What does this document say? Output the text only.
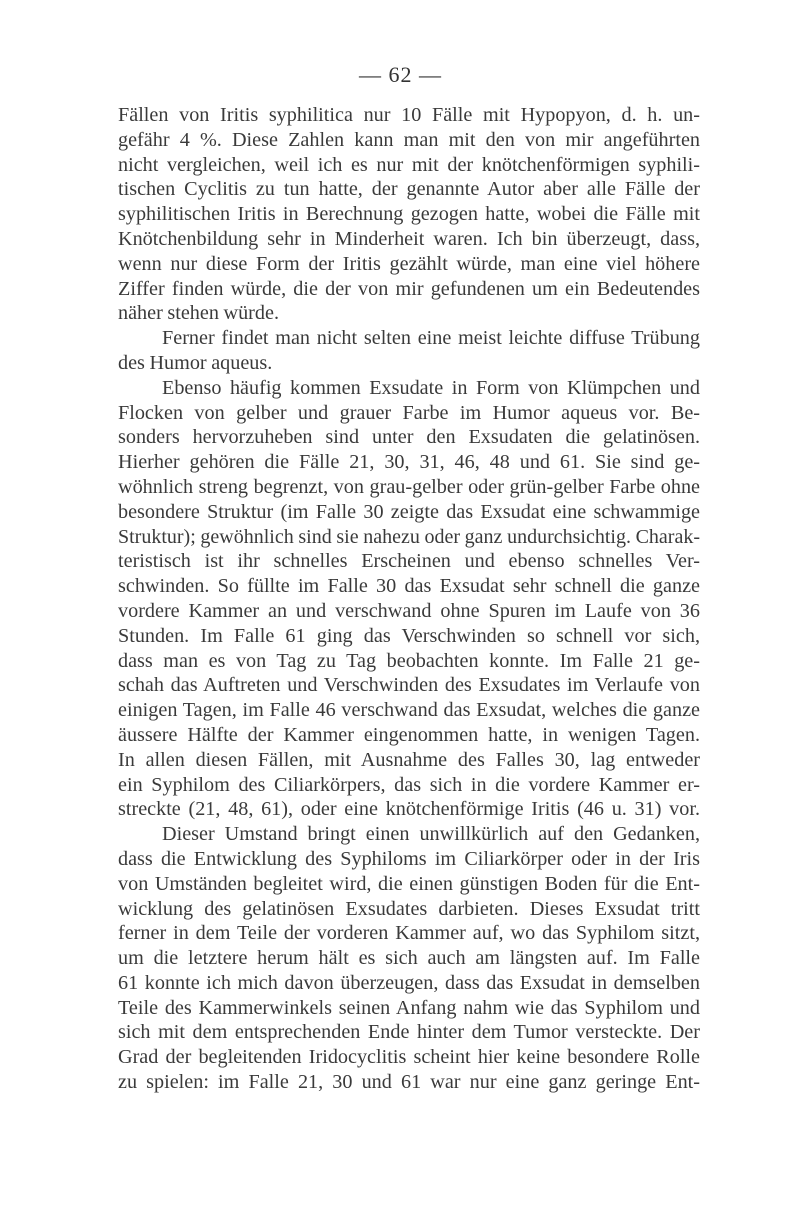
— 62 —
Fällen von Iritis syphilitica nur 10 Fälle mit Hypopyon, d. h. un-
gefähr 4 %. Diese Zahlen kann man mit den von mir angeführten
nicht vergleichen, weil ich es nur mit der knötchenförmigen syphili-
tischen Cyclitis zu tun hatte, der genannte Autor aber alle Fälle der
syphilitischen Iritis in Berechnung gezogen hatte, wobei die Fälle mit
Knötchenbildung sehr in Minderheit waren. Ich bin überzeugt, dass,
wenn nur diese Form der Iritis gezählt würde, man eine viel höhere
Ziffer finden würde, die der von mir gefundenen um ein Bedeutendes
näher stehen würde.
Ferner findet man nicht selten eine meist leichte diffuse Trübung
des Humor aqueus.
Ebenso häufig kommen Exsudate in Form von Klümpchen und
Flocken von gelber und grauer Farbe im Humor aqueus vor. Be-
sonders hervorzuheben sind unter den Exsudaten die gelatinösen.
Hierher gehören die Fälle 21, 30, 31, 46, 48 und 61. Sie sind ge-
wöhnlich streng begrenzt, von grau-gelber oder grün-gelber Farbe ohne
besondere Struktur (im Falle 30 zeigte das Exsudat eine schwammige
Struktur); gewöhnlich sind sie nahezu oder ganz undurchsichtig. Charak-
teristisch ist ihr schnelles Erscheinen und ebenso schnelles Ver-
schwinden. So füllte im Falle 30 das Exsudat sehr schnell die ganze
vordere Kammer an und verschwand ohne Spuren im Laufe von 36
Stunden. Im Falle 61 ging das Verschwinden so schnell vor sich,
dass man es von Tag zu Tag beobachten konnte. Im Falle 21 ge-
schah das Auftreten und Verschwinden des Exsudates im Verlaufe von
einigen Tagen, im Falle 46 verschwand das Exsudat, welches die ganze
äussere Hälfte der Kammer eingenommen hatte, in wenigen Tagen.
In allen diesen Fällen, mit Ausnahme des Falles 30, lag entweder
ein Syphilom des Ciliarkörpers, das sich in die vordere Kammer er-
streckte (21, 48, 61), oder eine knötchenförmige Iritis (46 u. 31) vor.
Dieser Umstand bringt einen unwillkürlich auf den Gedanken,
dass die Entwicklung des Syphiloms im Ciliarkörper oder in der Iris
von Umständen begleitet wird, die einen günstigen Boden für die Ent-
wicklung des gelatinösen Exsudates darbieten. Dieses Exsudat tritt
ferner in dem Teile der vorderen Kammer auf, wo das Syphilom sitzt,
um die letztere herum hält es sich auch am längsten auf. Im Falle
61 konnte ich mich davon überzeugen, dass das Exsudat in demselben
Teile des Kammerwinkels seinen Anfang nahm wie das Syphilom und
sich mit dem entsprechenden Ende hinter dem Tumor versteckte. Der
Grad der begleitenden Iridocyclitis scheint hier keine besondere Rolle
zu spielen: im Falle 21, 30 und 61 war nur eine ganz geringe Ent-
